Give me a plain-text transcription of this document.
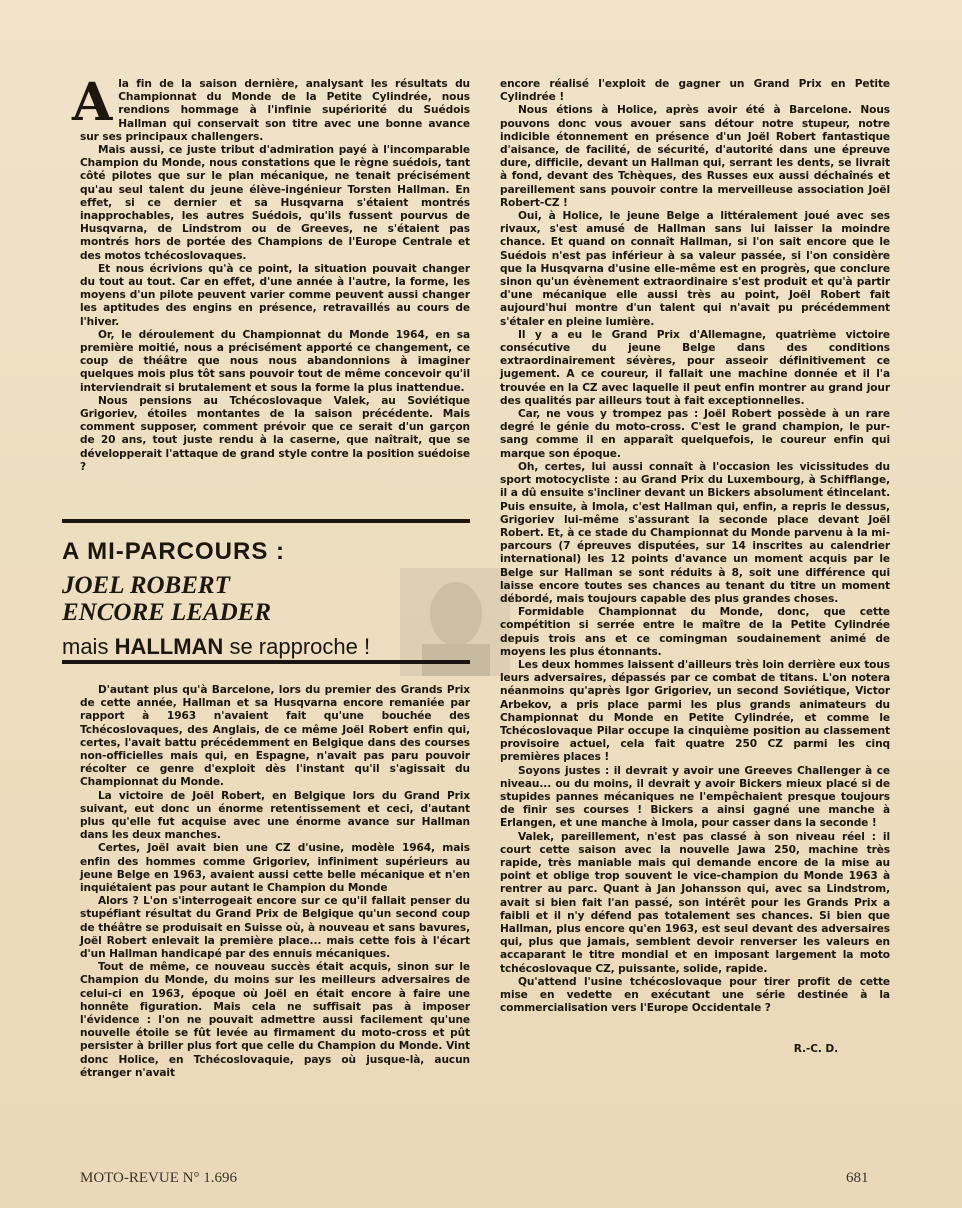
Ala fin de la saison dernière, analysant les résultats du Championnat du Monde de la Petite Cylindrée, nous rendions hommage à l'infinie supériorité du Suédois Hallman qui conservait son titre avec une bonne avance sur ses principaux challengers.

Mais aussi, ce juste tribut d'admiration payé à l'incomparable Champion du Monde, nous constations que le règne suédois, tant côté pilotes que sur le plan mécanique, ne tenait précisément qu'au seul talent du jeune élève-ingénieur Torsten Hallman. En effet, si ce dernier et sa Husqvarna s'étaient montrés inapprochables, les autres Suédois, qu'ils fussent pourvus de Husqvarna, de Lindstrom ou de Greeves, ne s'étaient pas montrés hors de portée des Champions de l'Europe Centrale et des motos tchécoslovaques.

Et nous écrivions qu'à ce point, la situation pouvait changer du tout au tout. Car en effet, d'une année à l'autre, la forme, les moyens d'un pilote peuvent varier comme peuvent aussi changer les aptitudes des engins en présence, retravaillés au cours de l'hiver.

Or, le déroulement du Championnat du Monde 1964, en sa première moitié, nous a précisément apporté ce changement, ce coup de théâtre que nous nous abandonnions à imaginer quelques mois plus tôt sans pouvoir tout de même concevoir qu'il interviendrait si brutalement et sous la forme la plus inattendue.

Nous pensions au Tchécoslovaque Valek, au Soviétique Grigoriev, étoiles montantes de la saison précédente. Mais comment supposer, comment prévoir que ce serait d'un garçon de 20 ans, tout juste rendu à la caserne, que naîtrait, que se développerait l'attaque de grand style contre la position suédoise ?

A MI-PARCOURS :

JOEL ROBERT

ENCORE LEADER

mais HALLMAN se rapproche !

D'autant plus qu'à Barcelone, lors du premier des Grands Prix de cette année, Hallman et sa Husqvarna encore remaniée par rapport à 1963 n'avaient fait qu'une bouchée des Tchécoslovaques, des Anglais, de ce même Joël Robert enfin qui, certes, l'avait battu précédemment en Belgique dans des courses non-officielles mais qui, en Espagne, n'avait pas paru pouvoir récolter ce genre d'exploit dès l'instant qu'il s'agissait du Championnat du Monde.

La victoire de Joël Robert, en Belgique lors du Grand Prix suivant, eut donc un énorme retentissement et ceci, d'autant plus qu'elle fut acquise avec une énorme avance sur Hallman dans les deux manches.

Certes, Joël avait bien une CZ d'usine, modèle 1964, mais enfin des hommes comme Grigoriev, infiniment supérieurs au jeune Belge en 1963, avaient aussi cette belle mécanique et n'en inquiétaient pas pour autant le Champion du Monde

Alors ? L'on s'interrogeait encore sur ce qu'il fallait penser du stupéfiant résultat du Grand Prix de Belgique qu'un second coup de théâtre se produisait en Suisse où, à nouveau et sans bavures, Joël Robert enlevait la première place... mais cette fois à l'écart d'un Hallman handicapé par des ennuis mécaniques.

Tout de même, ce nouveau succès était acquis, sinon sur le Champion du Monde, du moins sur les meilleurs adversaires de celui-ci en 1963, époque où Joël en était encore à faire une honnête figuration. Mais cela ne suffisait pas à imposer l'évidence : l'on ne pouvait admettre aussi facilement qu'une nouvelle étoile se fût levée au firmament du moto-cross et pût persister à briller plus fort que celle du Champion du Monde. Vint donc Holice, en Tchécoslovaquie, pays où jusque-là, aucun étranger n'avait

encore réalisé l'exploit de gagner un Grand Prix en Petite Cylindrée !

Nous étions à Holice, après avoir été à Barcelone. Nous pouvons donc vous avouer sans détour notre stupeur, notre indicible étonnement en présence d'un Joël Robert fantastique d'aisance, de facilité, de sécurité, d'autorité dans une épreuve dure, difficile, devant un Hallman qui, serrant les dents, se livrait à fond, devant des Tchèques, des Russes eux aussi déchaînés et pareillement sans pouvoir contre la merveilleuse association Joël Robert-CZ !

Oui, à Holice, le jeune Belge a littéralement joué avec ses rivaux, s'est amusé de Hallman sans lui laisser la moindre chance. Et quand on connaît Hallman, si l'on sait encore que le Suédois n'est pas inférieur à sa valeur passée, si l'on considère que la Husqvarna d'usine elle-même est en progrès, que conclure sinon qu'un évènement extraordinaire s'est produit et qu'à partir d'une mécanique elle aussi très au point, Joël Robert fait aujourd'hui montre d'un talent qui n'avait pu précédemment s'étaler en pleine lumière.

Il y a eu le Grand Prix d'Allemagne, quatrième victoire consécutive du jeune Belge dans des conditions extraordinairement sévères, pour asseoir définitivement ce jugement. A ce coureur, il fallait une machine donnée et il l'a trouvée en la CZ avec laquelle il peut enfin montrer au grand jour des qualités par ailleurs tout à fait exceptionnelles.

Car, ne vous y trompez pas : Joël Robert possède à un rare degré le génie du moto-cross. C'est le grand champion, le pur-sang comme il en apparaît quelquefois, le coureur enfin qui marque son époque.

Oh, certes, lui aussi connaît à l'occasion les vicissitudes du sport motocycliste : au Grand Prix du Luxembourg, à Schifflange, il a dû ensuite s'incliner devant un Bickers absolument étincelant. Puis ensuite, à Imola, c'est Hallman qui, enfin, a repris le dessus, Grigoriev lui-même s'assurant la seconde place devant Joël Robert. Et, à ce stade du Championnat du Monde parvenu à la mi-parcours (7 épreuves disputées, sur 14 inscrites au calendrier international) les 12 points d'avance un moment acquis par le Belge sur Hallman se sont réduits à 8, soit une différence qui laisse encore toutes ses chances au tenant du titre un moment débordé, mais toujours capable des plus grandes choses.

Formidable Championnat du Monde, donc, que cette compétition si serrée entre le maître de la Petite Cylindrée depuis trois ans et ce comingman soudainement animé de moyens les plus étonnants.

Les deux hommes laissent d'ailleurs très loin derrière eux tous leurs adversaires, dépassés par ce combat de titans. L'on notera néanmoins qu'après Igor Grigoriev, un second Soviétique, Victor Arbekov, a pris place parmi les plus grands animateurs du Championnat du Monde en Petite Cylindrée, et comme le Tchécoslovaque Pilar occupe la cinquième position au classement provisoire actuel, cela fait quatre 250 CZ parmi les cinq premières places !

Soyons justes : il devrait y avoir une Greeves Challenger à ce niveau... ou du moins, il devrait y avoir Bickers mieux placé si de stupides pannes mécaniques ne l'empêchaient presque toujours de finir ses courses ! Bickers a ainsi gagné une manche à Erlangen, et une manche à Imola, pour casser dans la seconde !

Valek, pareillement, n'est pas classé à son niveau réel : il court cette saison avec la nouvelle Jawa 250, machine très rapide, très maniable mais qui demande encore de la mise au point et oblige trop souvent le vice-champion du Monde 1963 à rentrer au parc. Quant à Jan Johansson qui, avec sa Lindstrom, avait si bien fait l'an passé, son intérêt pour les Grands Prix a faibli et il n'y défend pas totalement ses chances. Si bien que Hallman, plus encore qu'en 1963, est seul devant des adversaires qui, plus que jamais, semblent devoir renverser les valeurs en accaparant le titre mondial et en imposant largement la moto tchécoslovaque CZ, puissante, solide, rapide.

Qu'attend l'usine tchécoslovaque pour tirer profit de cette mise en vedette en exécutant une série destinée à la commercialisation vers l'Europe Occidentale ?

R.-C. D.

MOTO-REVUE N° 1.696	681
